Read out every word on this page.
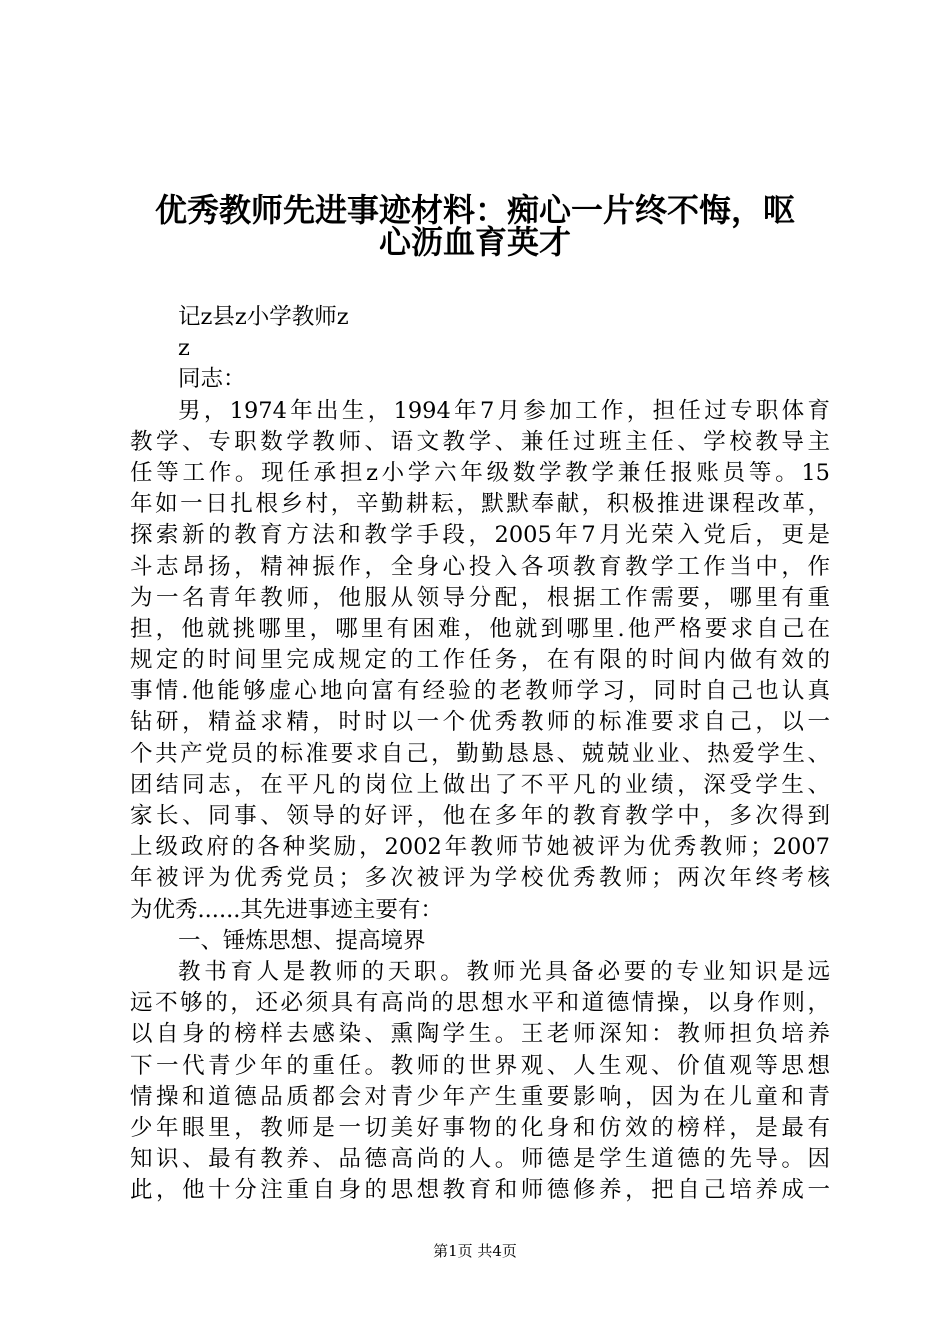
优秀教师先进事迹材料：痴心一片终不悔，呕
心沥血育英才
记z县z小学教师z
z
同志：
男，1974年出生，1994年7月参加工作，担任过专职体育
教学、专职数学教师、语文教学、兼任过班主任、学校教导主
任等工作。现任承担z小学六年级数学教学兼任报账员等。15
年如一日扎根乡村，辛勤耕耘，默默奉献，积极推进课程改革，
探索新的教育方法和教学手段，2005年7月光荣入党后，更是
斗志昂扬，精神振作，全身心投入各项教育教学工作当中，作
为一名青年教师，他服从领导分配，根据工作需要，哪里有重
担，他就挑哪里，哪里有困难，他就到哪里.他严格要求自己在
规定的时间里完成规定的工作任务，在有限的时间内做有效的
事情.他能够虚心地向富有经验的老教师学习，同时自己也认真
钻研，精益求精，时时以一个优秀教师的标准要求自己，以一
个共产党员的标准要求自己，勤勤恳恳、兢兢业业、热爱学生、
团结同志，在平凡的岗位上做出了不平凡的业绩，深受学生、
家长、同事、领导的好评，他在多年的教育教学中，多次得到
上级政府的各种奖励，2002年教师节她被评为优秀教师；2007
年被评为优秀党员；多次被评为学校优秀教师；两次年终考核
为优秀......其先进事迹主要有：
一、锤炼思想、提高境界
教书育人是教师的天职。教师光具备必要的专业知识是远
远不够的，还必须具有高尚的思想水平和道德情操，以身作则，
以自身的榜样去感染、熏陶学生。王老师深知：教师担负培养
下一代青少年的重任。教师的世界观、人生观、价值观等思想
情操和道德品质都会对青少年产生重要影响，因为在儿童和青
少年眼里，教师是一切美好事物的化身和仿效的榜样，是最有
知识、最有教养、品德高尚的人。师德是学生道德的先导。因
此，他十分注重自身的思想教育和师德修养，把自己培养成一
第1页 共4页
